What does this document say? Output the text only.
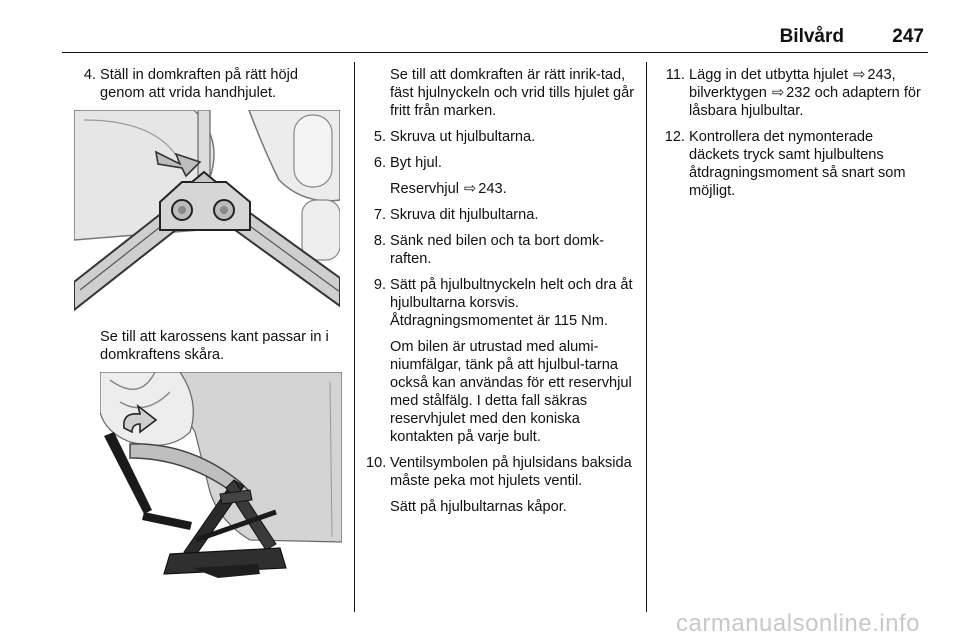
Bilvård	247
4. Ställ in domkraften på rätt höjd genom att vrida handhjulet.
Se till att karossens kant passar in i domkraftens skåra.
Se till att domkraften är rätt inrik-tad, fäst hjulnyckeln och vrid tills hjulet går fritt från marken.
5. Skruva ut hjulbultarna.
6. Byt hjul.
Reservhjul ⇨ 243.
7. Skruva dit hjulbultarna.
8. Sänk ned bilen och ta bort domk-raften.
9. Sätt på hjulbultnyckeln helt och dra åt hjulbultarna korsvis. Åtdragningsmomentet är 115 Nm.
Om bilen är utrustad med alumi-niumfälgar, tänk på att hjulbul-tarna också kan användas för ett reservhjul med stålfälg. I detta fall säkras reservhjulet med den koniska kontakten på varje bult.
10. Ventilsymbolen på hjulsidans baksida måste peka mot hjulets ventil.
Sätt på hjulbultarnas kåpor.
11. Lägg in det utbytta hjulet ⇨ 243, bilverktygen ⇨ 232 och adaptern för låsbara hjulbultar.
12. Kontrollera det nymonterade däckets tryck samt hjulbultens åtdragningsmoment så snart som möjligt.
carmanualsonline.info
